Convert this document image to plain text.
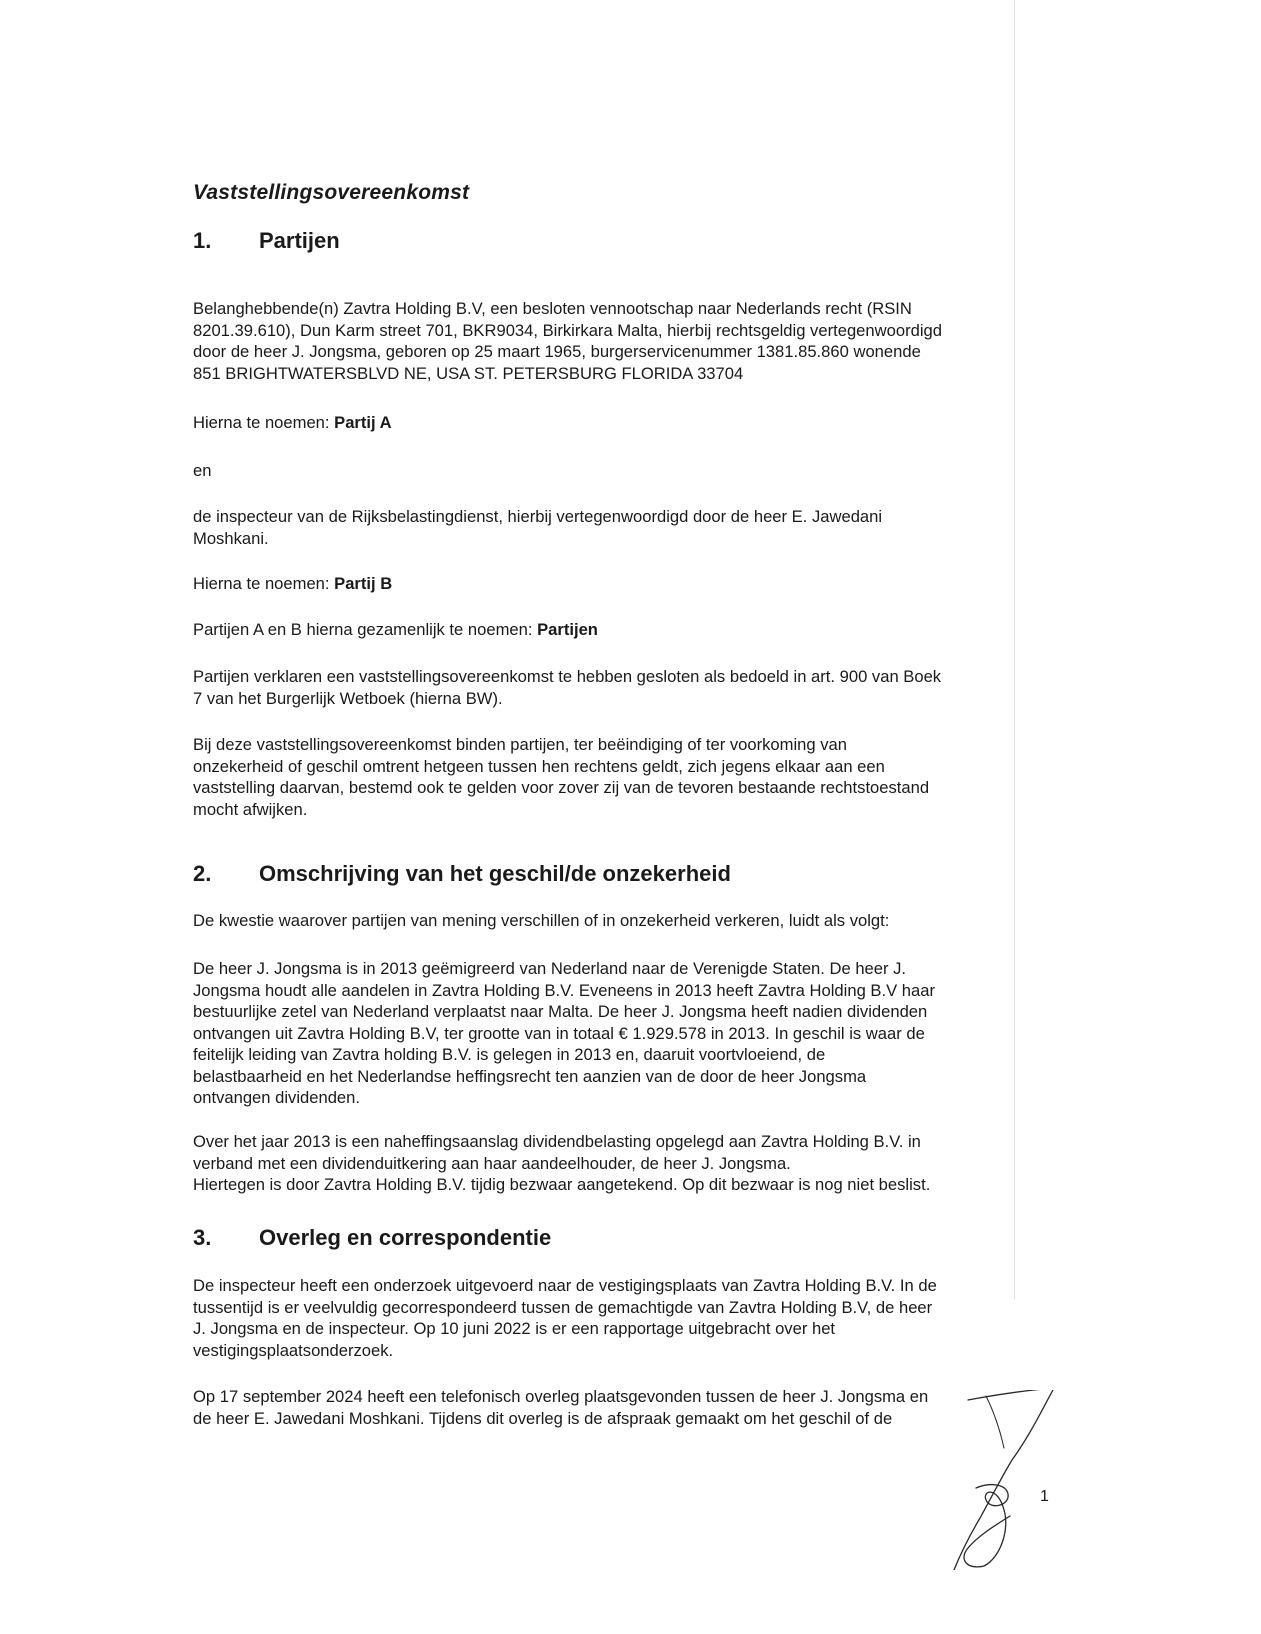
Vaststellingsovereenkomst
1. Partijen

Belanghebbende(n) Zavtra Holding B.V, een besloten vennootschap naar Nederlands recht (RSIN
8201.39.610), Dun Karm street 701, BKR9034, Birkirkara Malta, hierbij rechtsgeldig vertegenwoordigd
door de heer J. Jongsma, geboren op 25 maart 1965, burgerservicenummer 1381.85.860 wonende
851 BRIGHTWATERSBLVD NE, USA ST. PETERSBURG FLORIDA 33704

Hierna te noemen: Partij A

en

de inspecteur van de Rijksbelastingdienst, hierbij vertegenwoordigd door de heer E. Jawedani
Moshkani.

Hierna te noemen: Partij B

Partijen A en B hierna gezamenlijk te noemen: Partijen

Partijen verklaren een vaststellingsovereenkomst te hebben gesloten als bedoeld in art. 900 van Boek
7 van het Burgerlijk Wetboek (hierna BW).

Bij deze vaststellingsovereenkomst binden partijen, ter beëindiging of ter voorkoming van
onzekerheid of geschil omtrent hetgeen tussen hen rechtens geldt, zich jegens elkaar aan een
vaststelling daarvan, bestemd ook te gelden voor zover zij van de tevoren bestaande rechtstoestand
mocht afwijken.

2. Omschrijving van het geschil/de onzekerheid

De kwestie waarover partijen van mening verschillen of in onzekerheid verkeren, luidt als volgt:

De heer J. Jongsma is in 2013 geëmigreerd van Nederland naar de Verenigde Staten. De heer J.
Jongsma houdt alle aandelen in Zavtra Holding B.V. Eveneens in 2013 heeft Zavtra Holding B.V haar
bestuurlijke zetel van Nederland verplaatst naar Malta. De heer J. Jongsma heeft nadien dividenden
ontvangen uit Zavtra Holding B.V, ter grootte van in totaal € 1.929.578 in 2013. In geschil is waar de
feitelijk leiding van Zavtra holding B.V. is gelegen in 2013 en, daaruit voortvloeiend, de
belastbaarheid en het Nederlandse heffingsrecht ten aanzien van de door de heer Jongsma
ontvangen dividenden.

Over het jaar 2013 is een naheffingsaanslag dividendbelasting opgelegd aan Zavtra Holding B.V. in
verband met een dividenduitkering aan haar aandeelhouder, de heer J. Jongsma.
Hiertegen is door Zavtra Holding B.V. tijdig bezwaar aangetekend. Op dit bezwaar is nog niet beslist.

3. Overleg en correspondentie

De inspecteur heeft een onderzoek uitgevoerd naar de vestigingsplaats van Zavtra Holding B.V. In de
tussentijd is er veelvuldig gecorrespondeerd tussen de gemachtigde van Zavtra Holding B.V, de heer
J. Jongsma en de inspecteur. Op 10 juni 2022 is er een rapportage uitgebracht over het
vestigingsplaatsonderzoek.

Op 17 september 2024 heeft een telefonisch overleg plaatsgevonden tussen de heer J. Jongsma en
de heer E. Jawedani Moshkani. Tijdens dit overleg is de afspraak gemaakt om het geschil of de

1
